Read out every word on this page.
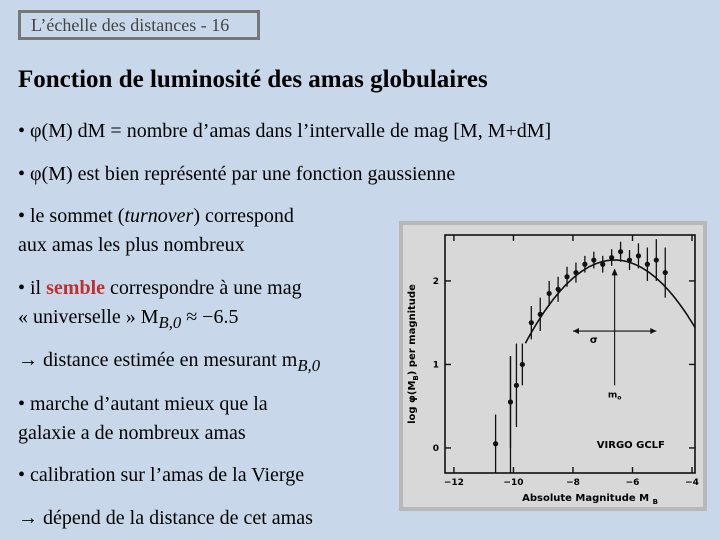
L’échelle des distances - 16
Fonction de luminosité des amas globulaires
• φ(M) dM = nombre d’amas dans l’intervalle de mag [M, M+dM]
• φ(M) est bien représenté par une fonction gaussienne
• le sommet (turnover) correspond
aux amas les plus nombreux
• il semble correspondre à une mag
« universelle » $M_{B,0} \approx -6.5$
→ distance estimée en mesurant $m_{B,0}$
• marche d’autant mieux que la
galaxie a de nombreux amas
• calibration sur l’amas de la Vierge
→ dépend de la distance de cet amas
−12	−10	−8	−6	−4
0
1
2
Absolute Magnitude M $_B$
$\log \varphi(M_B)$ per magnitude	σ
$m_o$
VIRGO GCLF
